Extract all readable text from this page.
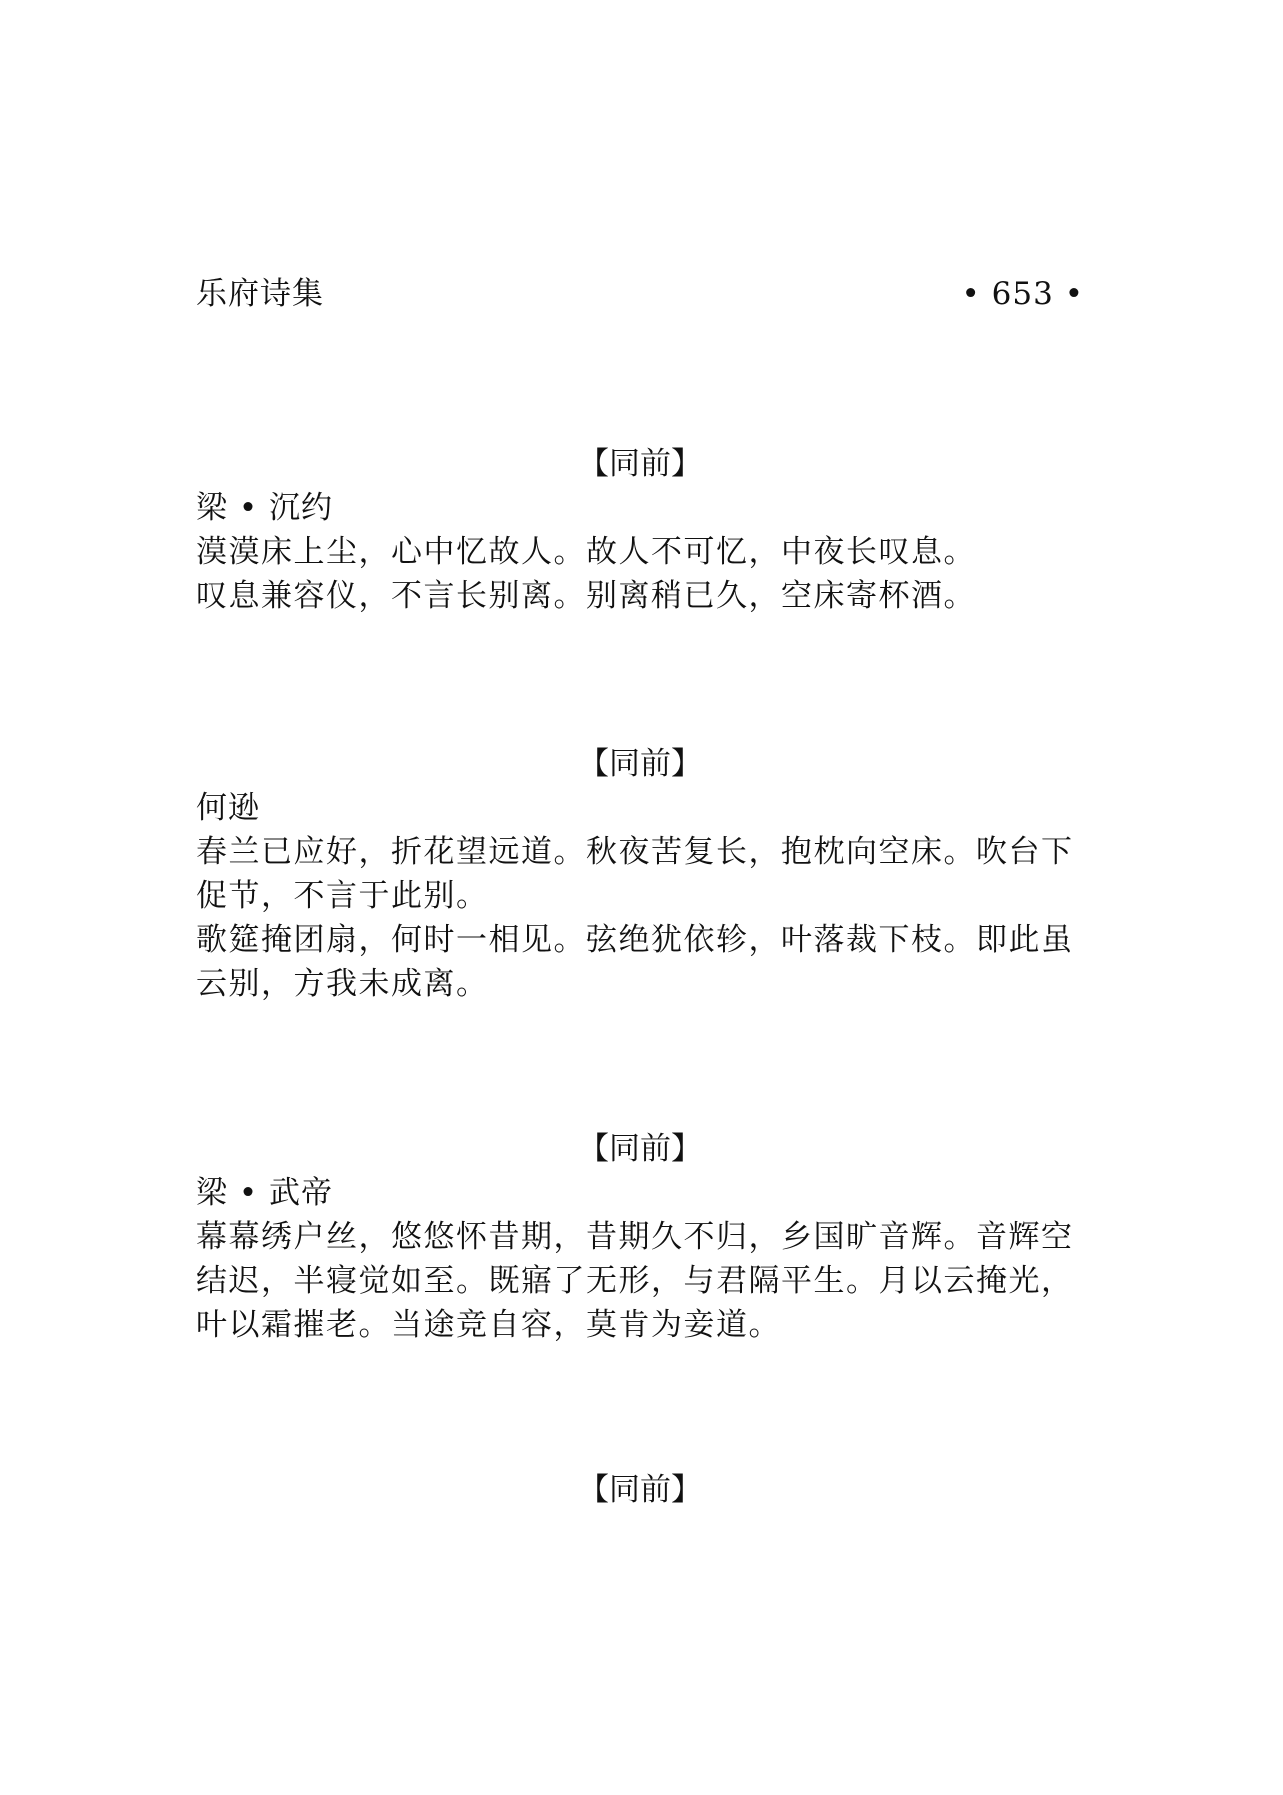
乐府诗集	• 653 •
【同前】
梁 • 沉约
漠漠床上尘，心中忆故人。故人不可忆，中夜长叹息。
叹息兼容仪，不言长别离。别离稍已久，空床寄杯酒。
【同前】
何逊
春兰已应好，折花望远道。秋夜苦复长，抱枕向空床。吹台下
促节，不言于此别。
歌筵掩团扇，何时一相见。弦绝犹依轸，叶落裁下枝。即此虽
云别，方我未成离。
【同前】
梁 • 武帝
幕幕绣户丝，悠悠怀昔期，昔期久不归，乡国旷音辉。音辉空
结迟，半寝觉如至。既寤了无形，与君隔平生。月以云掩光，
叶以霜摧老。当途竞自容，莫肯为妾道。
【同前】
